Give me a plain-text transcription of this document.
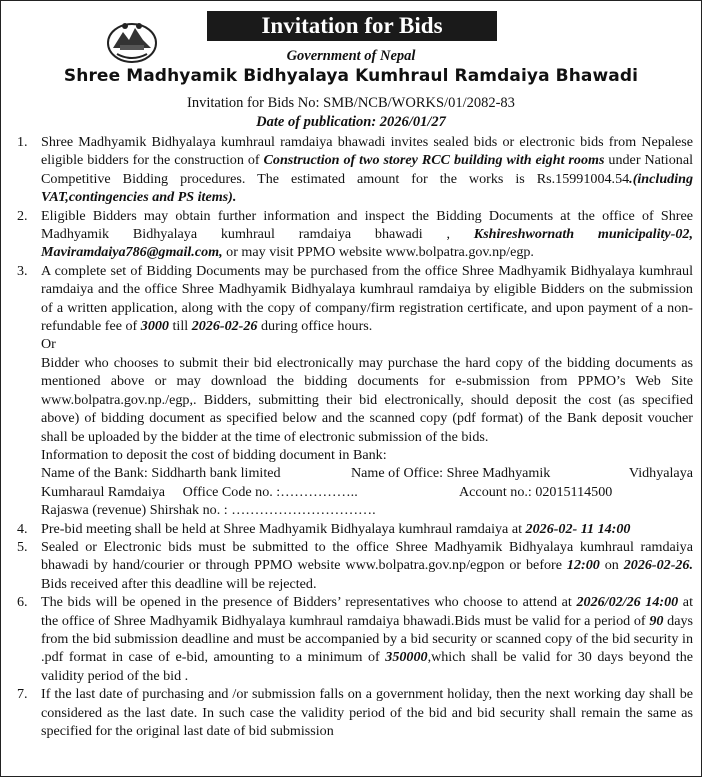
Invitation for Bids
Government of Nepal
Shree Madhyamik Bidhyalaya Kumhraul Ramdaiya Bhawadi
Invitation for Bids No: SMB/NCB/WORKS/01/2082-83
Date of publication: 2026/01/27
1. Shree Madhyamik Bidhyalaya kumhraul ramdaiya bhawadi invites sealed bids or electronic bids from Nepalese eligible bidders for the construction of Construction of two storey RCC building with eight rooms under National Competitive Bidding procedures. The estimated amount for the works is Rs.15991004.54.(including VAT,contingencies and PS items).
2. Eligible Bidders may obtain further information and inspect the Bidding Documents at the office of Shree Madhyamik Bidhyalaya kumhraul ramdaiya bhawadi , Kshireshwornath municipality-02, Maviramdaiya786@gmail.com, or may visit PPMO website www.bolpatra.gov.np/egp.
3. A complete set of Bidding Documents may be purchased from the office Shree Madhyamik Bidhyalaya kumhraul ramdaiya and the office Shree Madhyamik Bidhyalaya kumhraul ramdaiya by eligible Bidders on the submission of a written application, along with the copy of company/firm registration certificate, and upon payment of a non-refundable fee of 3000 till 2026-02-26 during office hours.

Or

Bidder who chooses to submit their bid electronically may purchase the hard copy of the bidding documents as mentioned above or may download the bidding documents for e-submission from PPMO’s Web Site www.bolpatra.gov.np./egp,. Bidders, submitting their bid electronically, should deposit the cost (as specified above) of bidding document as specified below and the scanned copy (pdf format) of the Bank deposit voucher shall be uploaded by the bidder at the time of electronic submission of the bids.

Information to deposit the cost of bidding document in Bank:

Name of the Bank: Siddharth bank limited	Name of Office: Shree Madhyamik	Vidhyalaya
Kumharaul Ramdaiya Office Code no. :……………..	Account no.: 02015114500

Rajaswa (revenue) Shirshak no. : ………………………….

4. Pre-bid meeting shall be held at Shree Madhyamik Bidhyalaya kumhraul ramdaiya at 2026-02- 11 14:00
5. Sealed or Electronic bids must be submitted to the office Shree Madhyamik Bidhyalaya kumhraul ramdaiya bhawadi by hand/courier or through PPMO website www.bolpatra.gov.np/egpon or before 12:00 on 2026-02-26. Bids received after this deadline will be rejected.
6. The bids will be opened in the presence of Bidders’ representatives who choose to attend at 2026/02/26 14:00 at the office of Shree Madhyamik Bidhyalaya kumhraul ramdaiya bhawadi.Bids must be valid for a period of 90 days from the bid submission deadline and must be accompanied by a bid security or scanned copy of the bid security in .pdf format in case of e-bid, amounting to a minimum of 350000,which shall be valid for 30 days beyond the validity period of the bid .
7. If the last date of purchasing and /or submission falls on a government holiday, then the next working day shall be considered as the last date. In such case the validity period of the bid and bid security shall remain the same as specified for the original last date of bid submission
